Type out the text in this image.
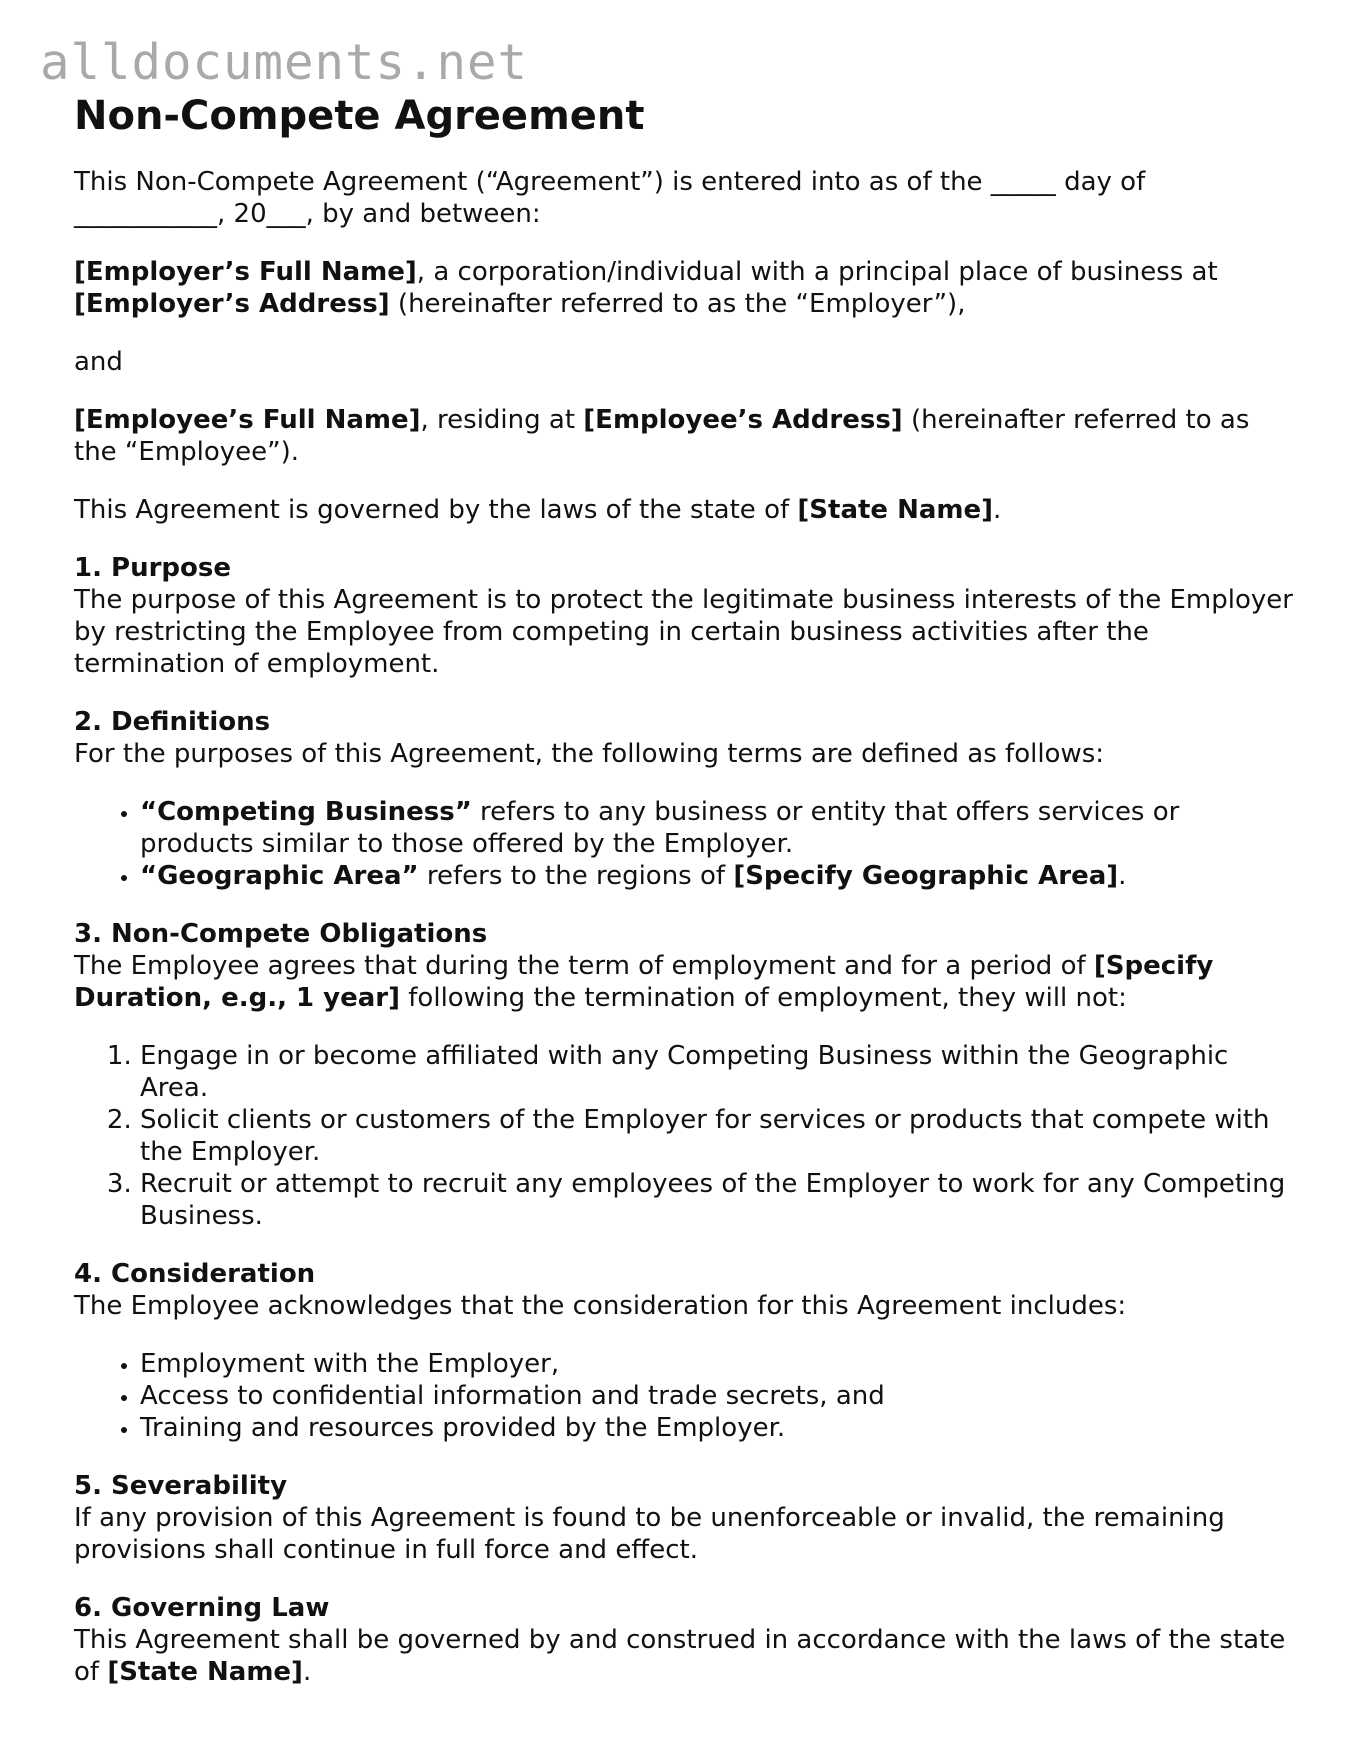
alldocuments.net
Non-Compete Agreement

This Non-Compete Agreement (“Agreement”) is entered into as of the _____ day of ___________, 20___, by and between:

[Employer’s Full Name], a corporation/individual with a principal place of business at [Employer’s Address] (hereinafter referred to as the “Employer”),

and

[Employee’s Full Name], residing at [Employee’s Address] (hereinafter referred to as the “Employee”).

This Agreement is governed by the laws of the state of [State Name].

1. Purpose

The purpose of this Agreement is to protect the legitimate business interests of the Employer by restricting the Employee from competing in certain business activities after the termination of employment.

2. Definitions

For the purposes of this Agreement, the following terms are defined as follows:

• “Competing Business” refers to any business or entity that offers services or products similar to those offered by the Employer.
• “Geographic Area” refers to the regions of [Specify Geographic Area].
3. Non-Compete Obligations

The Employee agrees that during the term of employment and for a period of [Specify Duration, e.g., 1 year] following the termination of employment, they will not:

1. Engage in or become affiliated with any Competing Business within the Geographic Area.
2. Solicit clients or customers of the Employer for services or products that compete with the Employer.
3. Recruit or attempt to recruit any employees of the Employer to work for any Competing Business.
4. Consideration

The Employee acknowledges that the consideration for this Agreement includes:

• Employment with the Employer,
• Access to confidential information and trade secrets, and
• Training and resources provided by the Employer.
5. Severability

If any provision of this Agreement is found to be unenforceable or invalid, the remaining provisions shall continue in full force and effect.

6. Governing Law

This Agreement shall be governed by and construed in accordance with the laws of the state of [State Name].
